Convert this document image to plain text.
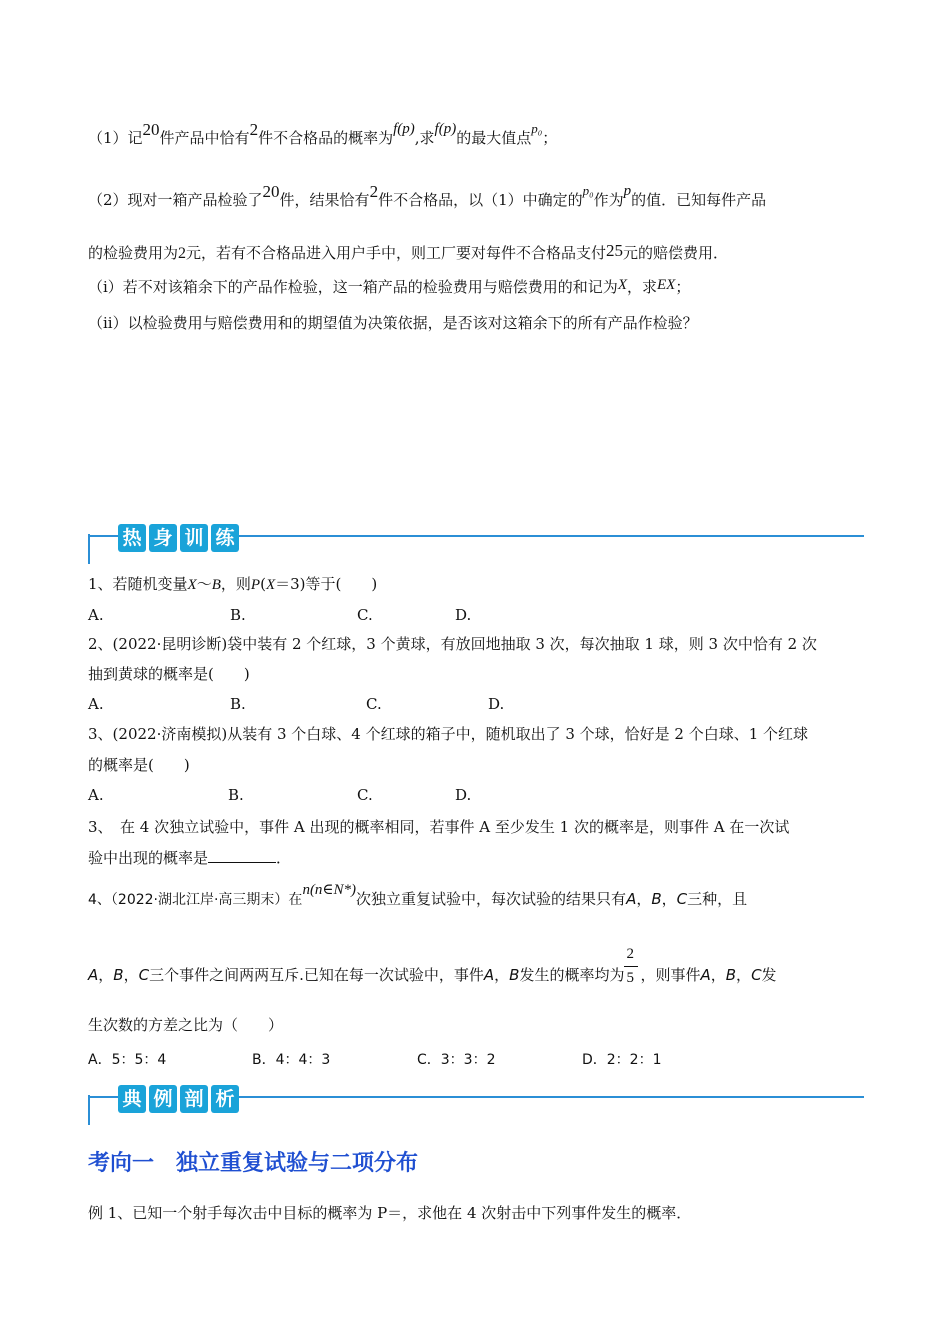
（1）记20件产品中恰有2件不合格品的概率为f(p),求f(p)的最大值点p₀；
（2）现对一箱产品检验了20件，结果恰有2件不合格品，以（1）中确定的p₀作为p的值．已知每件产品
的检验费用为2元，若有不合格品进入用户手中，则工厂要对每件不合格品支付25元的赔偿费用．
（i）若不对该箱余下的产品作检验，这一箱产品的检验费用与赔偿费用的和记为X，求EX；
（ii）以检验费用与赔偿费用和的期望值为决策依据，是否该对这箱余下的所有产品作检验？
热 身 训 练
1、若随机变量X～B，则P(X＝3)等于(　　)
A.	B.	C.	D.
2、(2022·昆明诊断)袋中装有 2 个红球，3 个黄球，有放回地抽取 3 次，每次抽取 1 球，则 3 次中恰有 2 次
抽到黄球的概率是(　　)
A.	B.	C.	D.
3、(2022·济南模拟)从装有 3 个白球、4 个红球的箱子中，随机取出了 3 个球，恰好是 2 个白球、1 个红球
的概率是(　　)
A.	B.	C.	D.
3、　在 4 次独立试验中，事件 A 出现的概率相同，若事件 A 至少发生 1 次的概率是，则事件 A 在一次试
验中出现的概率是	．
4、（2022·湖北江岸·高三期末）在n(n∈N*)次独立重复试验中，每次试验的结果只有A，B，C三种，且
A，B，C三个事件之间两两互斥.已知在每一次试验中，事件A，B发生的概率均为 $\frac{2}{5}$ ，则事件A，B，C发
生次数的方差之比为（　　）
A．5：5：4	B．4：4：3	C．3：3：2	D．2：2：1
典 例 剖 析
考向一　独立重复试验与二项分布
例 1、已知一个射手每次击中目标的概率为 P＝，求他在 4 次射击中下列事件发生的概率．
